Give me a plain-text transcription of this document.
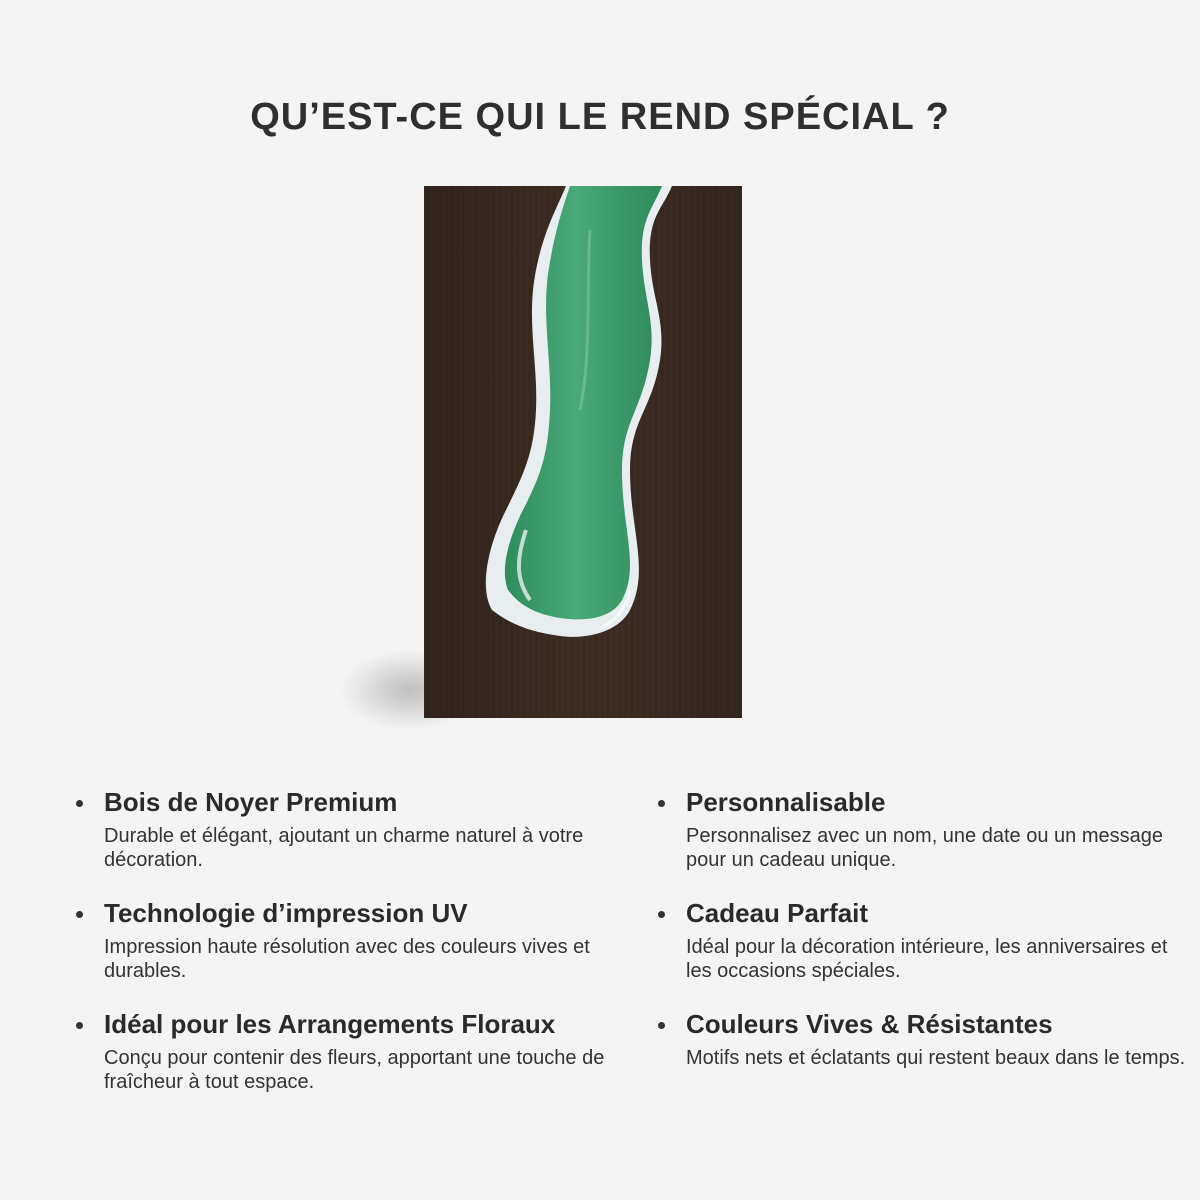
QU’EST-CE QUI LE REND SPÉCIAL ?
Bois de Noyer Premium
Durable et élégant, ajoutant un charme naturel à votre décoration.
Personnalisable
Personnalisez avec un nom, une date ou un message pour un cadeau unique.
Technologie d’impression UV
Impression haute résolution avec des couleurs vives et durables.
Cadeau Parfait
Idéal pour la décoration intérieure, les anniversaires et les occasions spéciales.
Idéal pour les Arrangements Floraux
Conçu pour contenir des fleurs, apportant une touche de fraîcheur à tout espace.
Couleurs Vives & Résistantes
Motifs nets et éclatants qui restent beaux dans le temps.
